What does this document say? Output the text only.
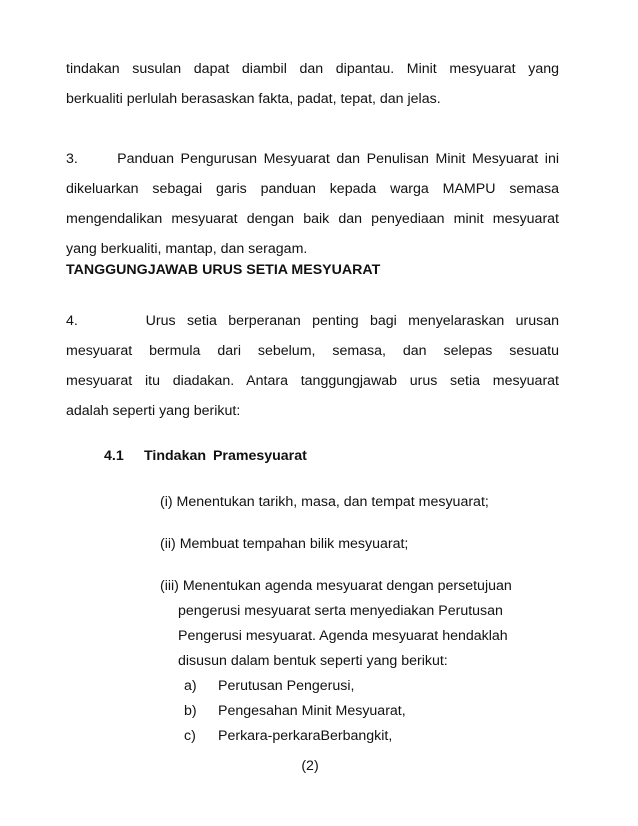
tindakan susulan dapat diambil dan dipantau. Minit mesyuarat yang
berkualiti perlulah berasaskan fakta, padat, tepat, dan jelas.
3.      Panduan Pengurusan Mesyuarat dan Penulisan Minit Mesyuarat ini
dikeluarkan sebagai garis panduan kepada warga MAMPU semasa
mengendalikan mesyuarat dengan baik dan penyediaan minit mesyuarat
yang berkualiti, mantap, dan seragam.
TANGGUNGJAWAB URUS SETIA MESYUARAT
4.      Urus setia berperanan penting bagi menyelaraskan urusan
mesyuarat bermula dari sebelum, semasa, dan selepas sesuatu
mesyuarat itu diadakan. Antara tanggungjawab urus setia mesyuarat
adalah seperti yang berikut:
4.1 Tindakan Pramesyuarat
(i) Menentukan tarikh, masa, dan tempat mesyuarat;
(ii) Membuat tempahan bilik mesyuarat;
(iii) Menentukan agenda mesyuarat dengan persetujuan
pengerusi mesyuarat serta menyediakan Perutusan
Pengerusi mesyuarat. Agenda mesyuarat hendaklah
disusun dalam bentuk seperti yang berikut:
a) Perutusan Pengerusi,
b) Pengesahan Minit Mesyuarat,
c) Perkara-perkaraBerbangkit,
(2)
